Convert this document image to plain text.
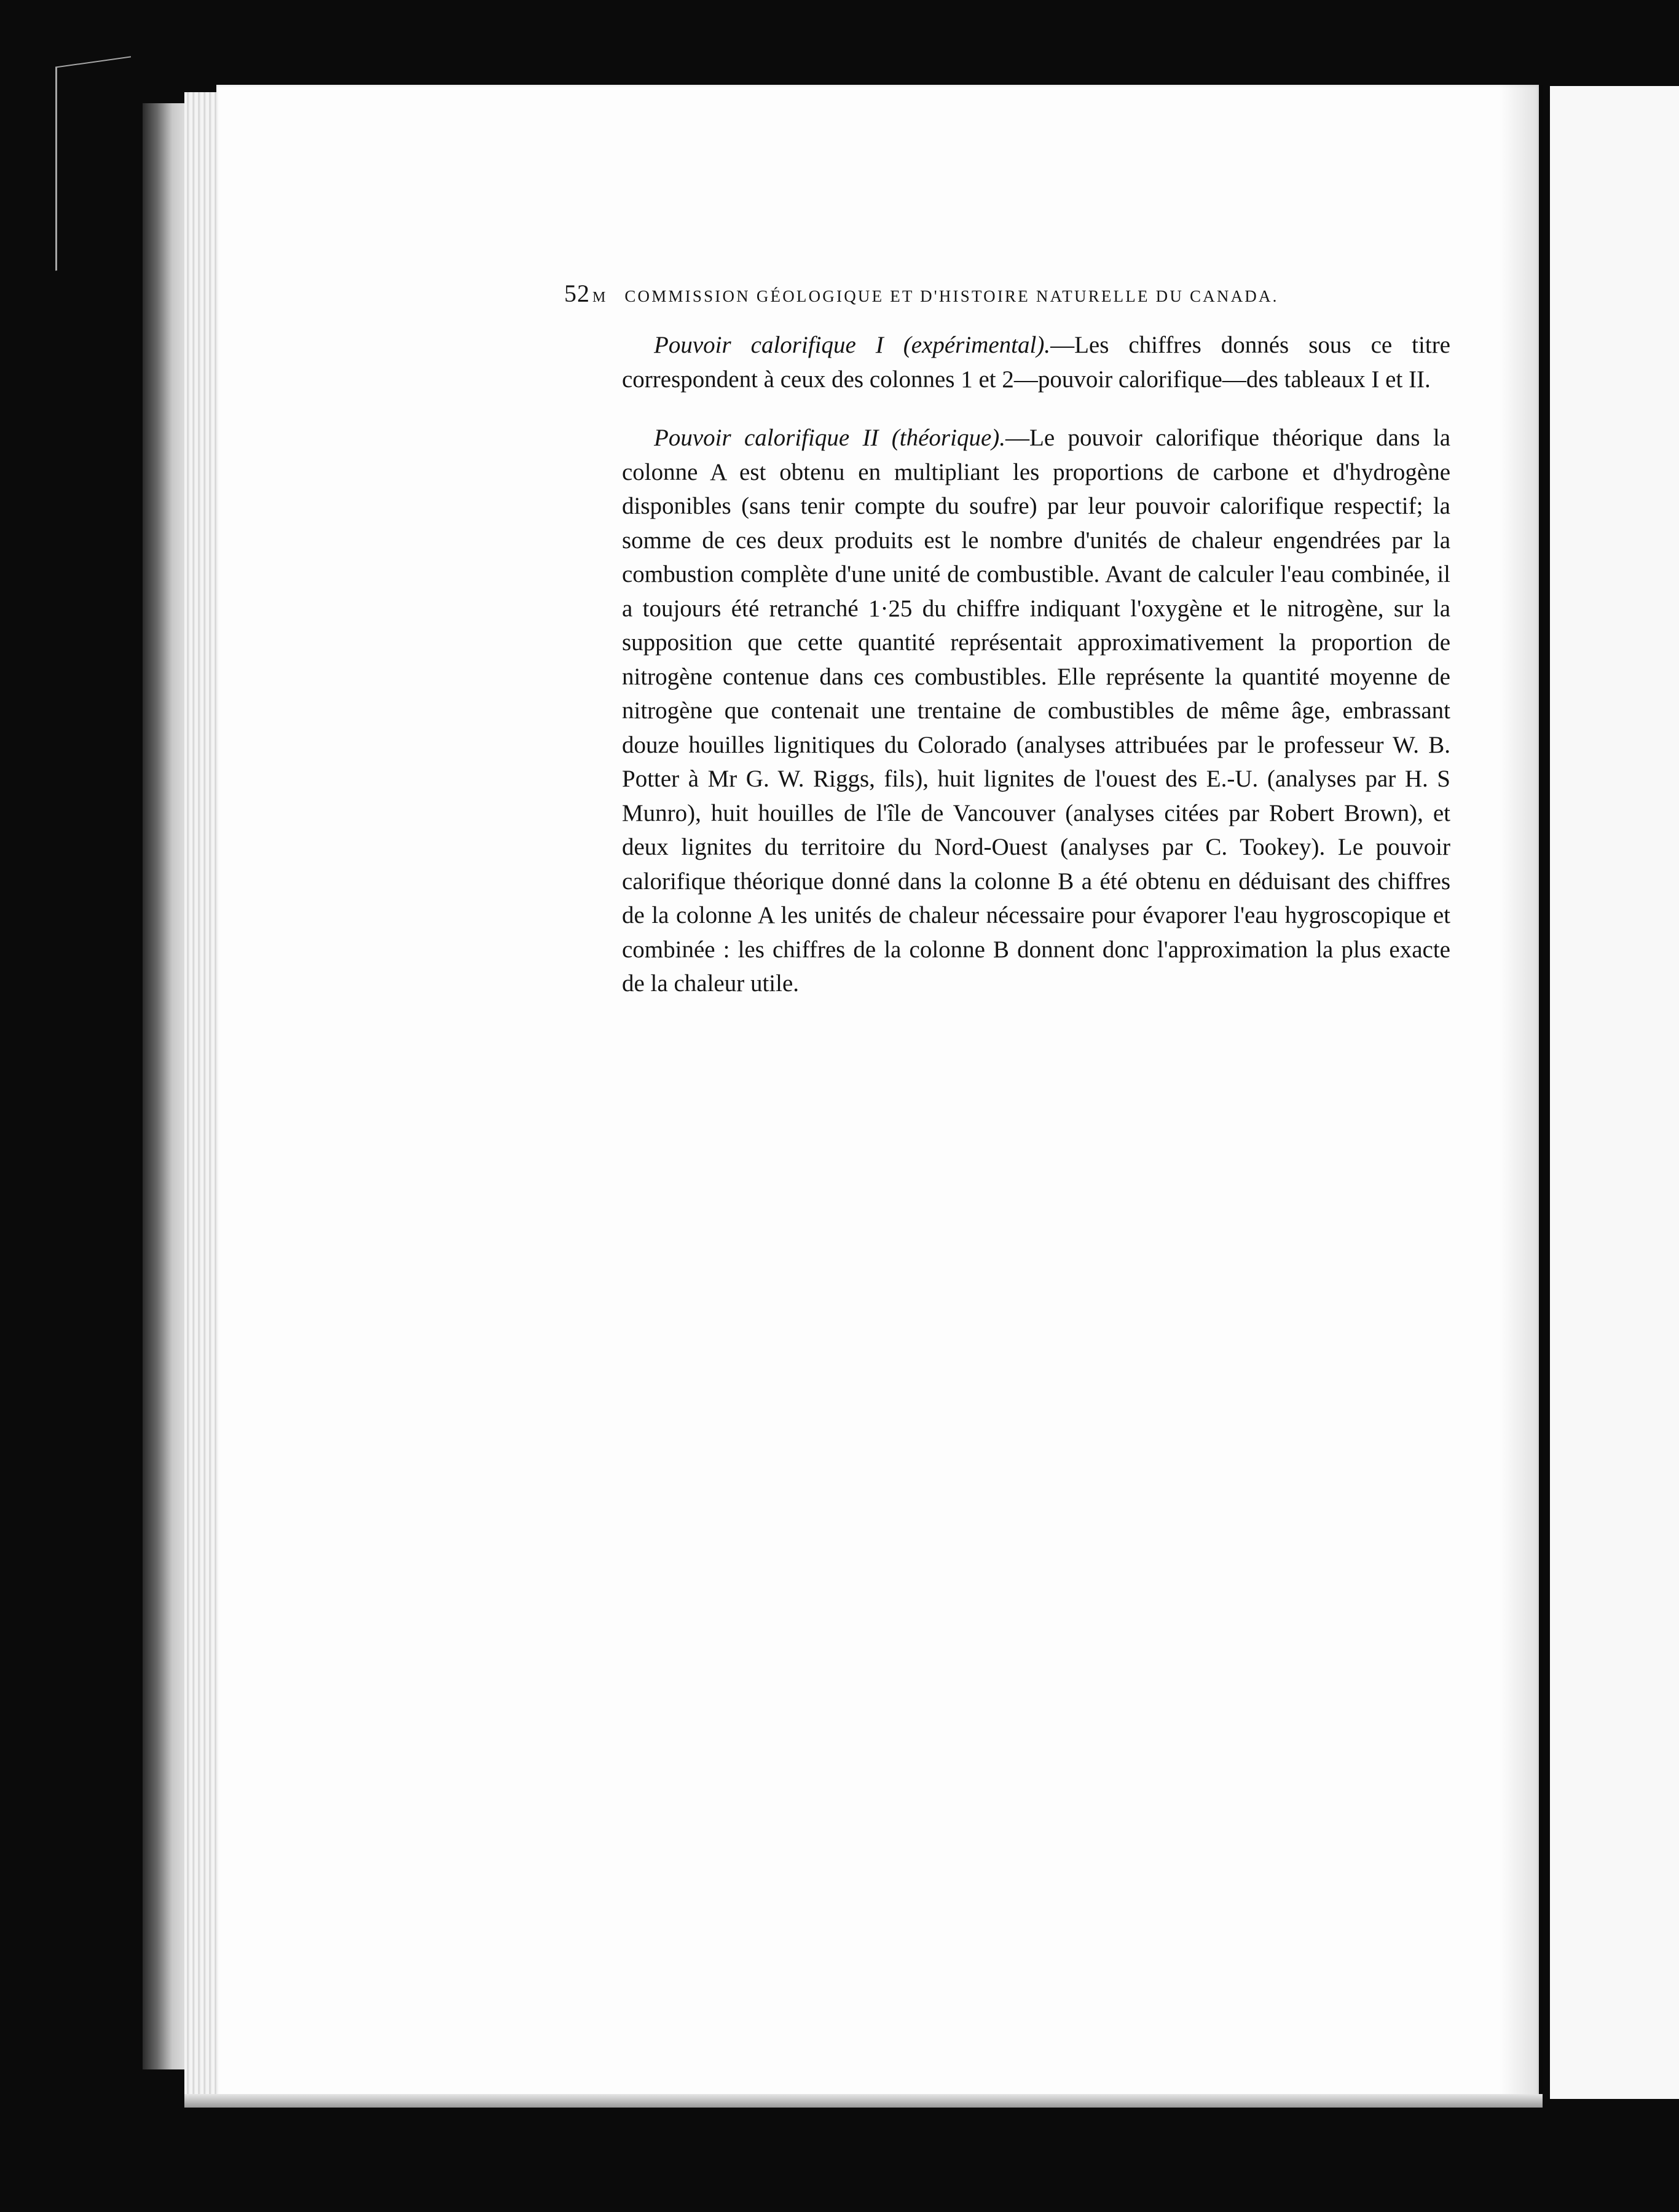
52 M COMMISSION GÉOLOGIQUE ET D'HISTOIRE NATURELLE DU CANADA.

Pouvoir calorifique I (expérimental).—Les chiffres donnés sous ce titre correspondent à ceux des colonnes 1 et 2—pouvoir calorifique—des tableaux I et II.

Pouvoir calorifique II (théorique).—Le pouvoir calorifique théorique dans la colonne A est obtenu en multipliant les proportions de carbone et d'hydrogène disponibles (sans tenir compte du soufre) par leur pouvoir calorifique respectif; la somme de ces deux produits est le nombre d'unités de chaleur engendrées par la combustion complète d'une unité de combustible. Avant de calculer l'eau combinée, il a toujours été retranché 1·25 du chiffre indiquant l'oxygène et le nitrogène, sur la supposition que cette quantité représentait approximativement la proportion de nitrogène contenue dans ces combustibles. Elle représente la quantité moyenne de nitrogène que contenait une trentaine de combustibles de même âge, embrassant douze houilles lignitiques du Colorado (analyses attribuées par le professeur W. B. Potter à Mr G. W. Riggs, fils), huit lignites de l'ouest des E.-U. (analyses par H. S Munro), huit houilles de l'île de Vancouver (analyses citées par Robert Brown), et deux lignites du territoire du Nord-Ouest (analyses par C. Tookey). Le pouvoir calorifique théorique donné dans la colonne B a été obtenu en déduisant des chiffres de la colonne A les unités de chaleur nécessaire pour évaporer l'eau hygroscopique et combinée : les chiffres de la colonne B donnent donc l'approximation la plus exacte de la chaleur utile.
